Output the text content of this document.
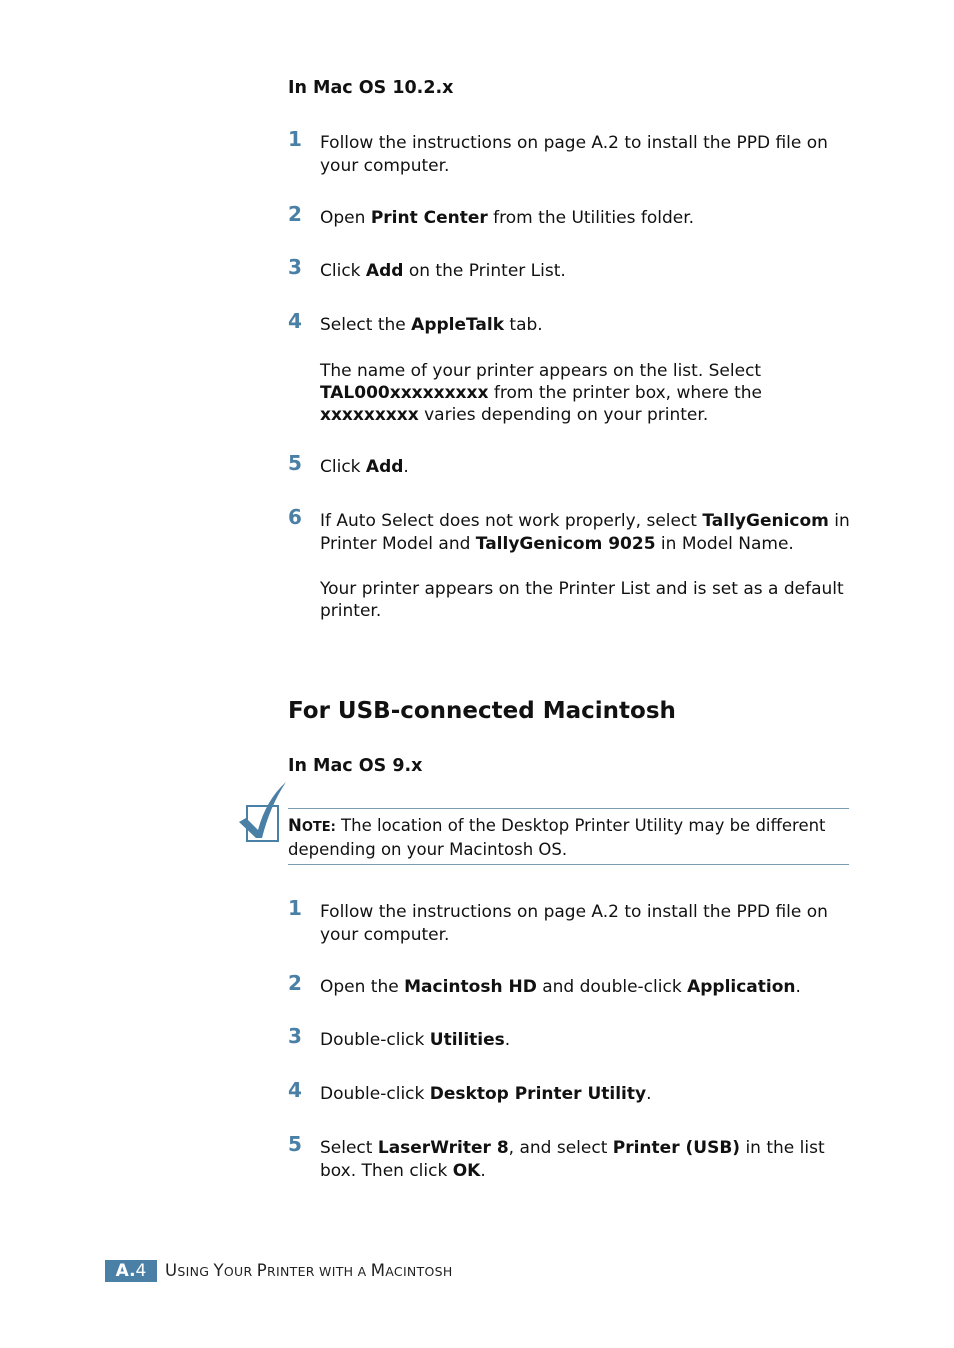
In Mac OS 10.2.x
1 Follow the instructions on page A.2 to install the PPD file on your computer.
2 Open Print Center from the Utilities folder.
3 Click Add on the Printer List.
4 Select the AppleTalk tab.
The name of your printer appears on the list. Select TAL000xxxxxxxxx from the printer box, where the xxxxxxxxx varies depending on your printer.
5 Click Add.
6 If Auto Select does not work properly, select TallyGenicom in Printer Model and TallyGenicom 9025 in Model Name.
Your printer appears on the Printer List and is set as a default printer.
For USB-connected Macintosh
In Mac OS 9.x
NOTE: The location of the Desktop Printer Utility may be different depending on your Macintosh OS.
1 Follow the instructions on page A.2 to install the PPD file on your computer.
2 Open the Macintosh HD and double-click Application.
3 Double-click Utilities.
4 Double-click Desktop Printer Utility.
5 Select LaserWriter 8, and select Printer (USB) in the list box. Then click OK.
A.4	USING YOUR PRINTER WITH A MACINTOSH
